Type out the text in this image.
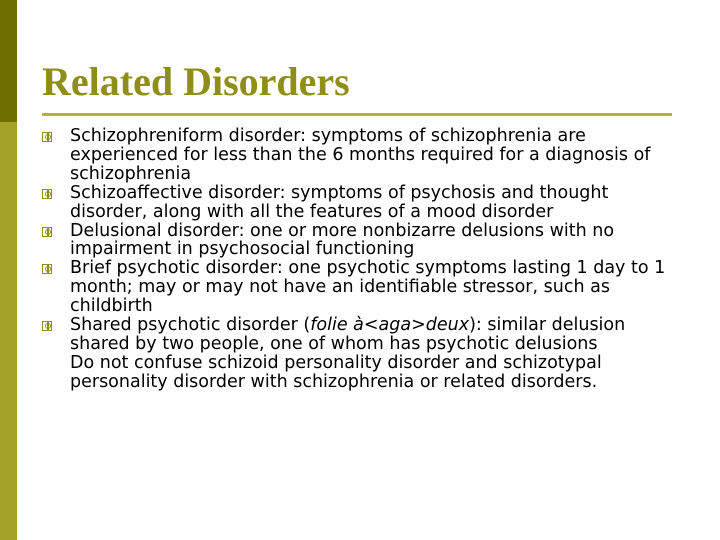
Related Disorders
Schizophreniform disorder: symptoms of schizophrenia are experienced for less than the 6 months required for a diagnosis of schizophrenia
Schizoaffective disorder: symptoms of psychosis and thought disorder, along with all the features of a mood disorder
Delusional disorder: one or more nonbizarre delusions with no impairment in psychosocial functioning
Brief psychotic disorder: one psychotic symptoms lasting 1 day to 1 month; may or may not have an identifiable stressor, such as childbirth
Shared psychotic disorder (folie à<aga>deux): similar delusion shared by two people, one of whom has psychotic delusions
Do not confuse schizoid personality disorder and schizotypal personality disorder with schizophrenia or related disorders.
